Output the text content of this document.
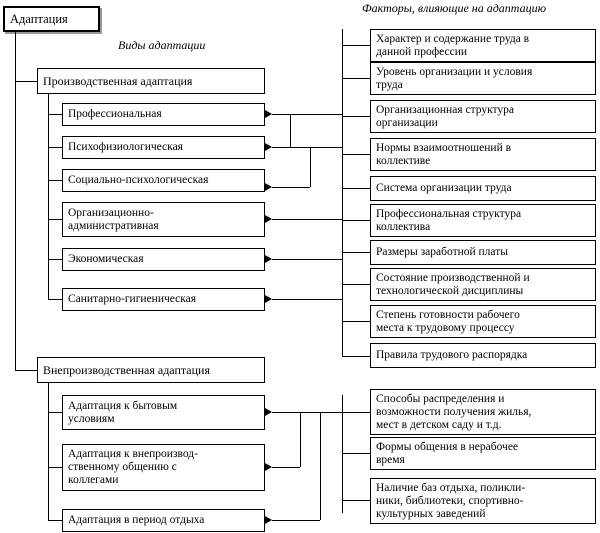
Виды адаптации
Факторы, влияющие на адаптацию
Адаптация
Производственная адаптация
Внепроизводственная адаптация
Профессиональная
Психофизиологическая
Социально-психологическая
Организационно-
административная
Экономическая
Санитарно-гигиеническая
Адаптация к бытовым
условиям
Адаптация к внепроизвод-
ственному общению с
коллегами
Адаптация в период отдыха
Характер и содержание труда в
данной профессии
Уровень организации и условия
труда
Организационная структура
организации
Нормы взаимоотношений в
коллективе
Система организации труда
Профессиональная структура
коллектива
Размеры заработной платы
Состояние производственной и
технологической дисциплины
Степень готовности рабочего
места к трудовому процессу
Правила трудового распорядка
Способы распределения и
возможности получения жилья,
мест в детском саду и т.д.
Формы общения в нерабочее
время
Наличие баз отдыха, поликли-
ники, библиотеки, спортивно-
культурных заведений
